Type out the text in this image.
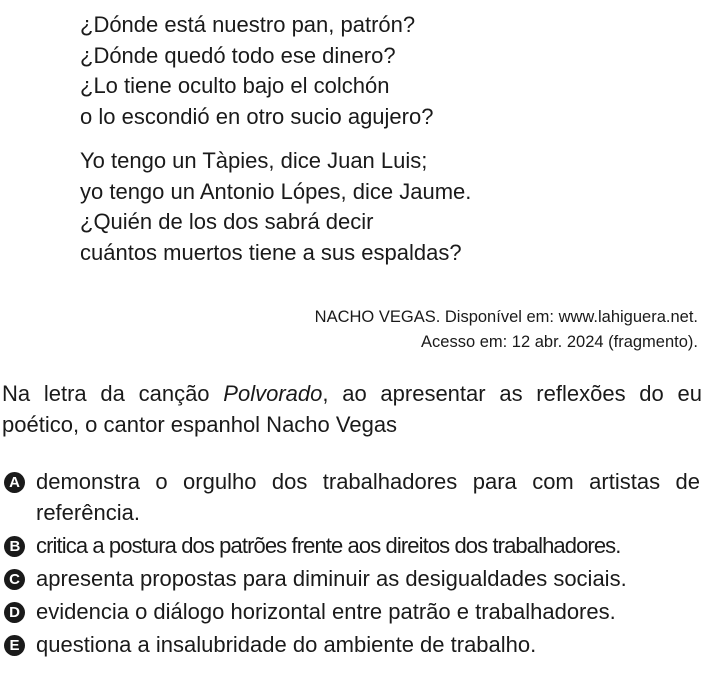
¿Dónde está nuestro pan, patrón?
¿Dónde quedó todo ese dinero?
¿Lo tiene oculto bajo el colchón
o lo escondió en otro sucio agujero?
Yo tengo un Tàpies, dice Juan Luis;
yo tengo un Antonio Lópes, dice Jaume.
¿Quién de los dos sabrá decir
cuántos muertos tiene a sus espaldas?
NACHO VEGAS. Disponível em: www.lahiguera.net.
Acesso em: 12 abr. 2024 (fragmento).
Na letra da canção Polvorado, ao apresentar as reflexões do eu poético, o cantor espanhol Nacho Vegas
A demonstra o orgulho dos trabalhadores para com artistas de referência.
B critica a postura dos patrões frente aos direitos dos trabalhadores.
C apresenta propostas para diminuir as desigualdades sociais.
D evidencia o diálogo horizontal entre patrão e trabalhadores.
E questiona a insalubridade do ambiente de trabalho.
